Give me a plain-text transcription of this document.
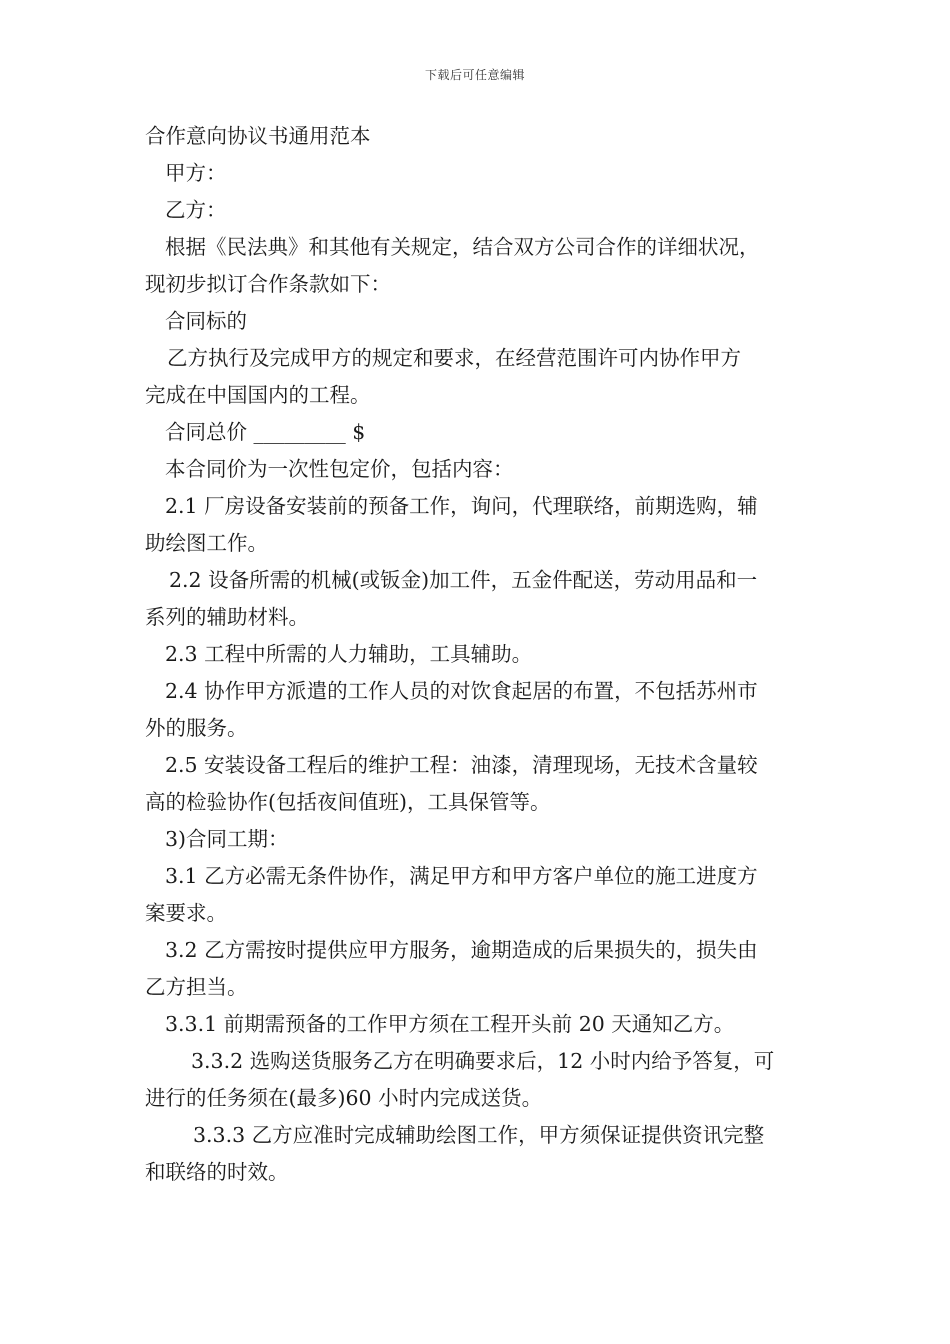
下载后可任意编辑

合作意向协议书通用范本

甲方：

乙方：

根据《民法典》和其他有关规定，结合双方公司合作的详细状况，

现初步拟订合作条款如下：

合同标的

乙方执行及完成甲方的规定和要求，在经营范围许可内协作甲方

完成在中国国内的工程。

合同总价 _________ $

本合同价为一次性包定价，包括内容：

2.1 厂房设备安装前的预备工作，询问，代理联络，前期选购，辅

助绘图工作。

2.2 设备所需的机械(或钣金)加工件，五金件配送，劳动用品和一

系列的辅助材料。

2.3 工程中所需的人力辅助，工具辅助。

2.4 协作甲方派遣的工作人员的对饮食起居的布置，不包括苏州市

外的服务。

2.5 安装设备工程后的维护工程：油漆，清理现场，无技术含量较

高的检验协作(包括夜间值班)，工具保管等。

3)合同工期：

3.1 乙方必需无条件协作，满足甲方和甲方客户单位的施工进度方

案要求。

3.2 乙方需按时提供应甲方服务，逾期造成的后果损失的，损失由

乙方担当。

3.3.1 前期需预备的工作甲方须在工程开头前 20 天通知乙方。

3.3.2 选购送货服务乙方在明确要求后，12 小时内给予答复，可

进行的任务须在(最多)60 小时内完成送货。

3.3.3 乙方应准时完成辅助绘图工作，甲方须保证提供资讯完整

和联络的时效。
